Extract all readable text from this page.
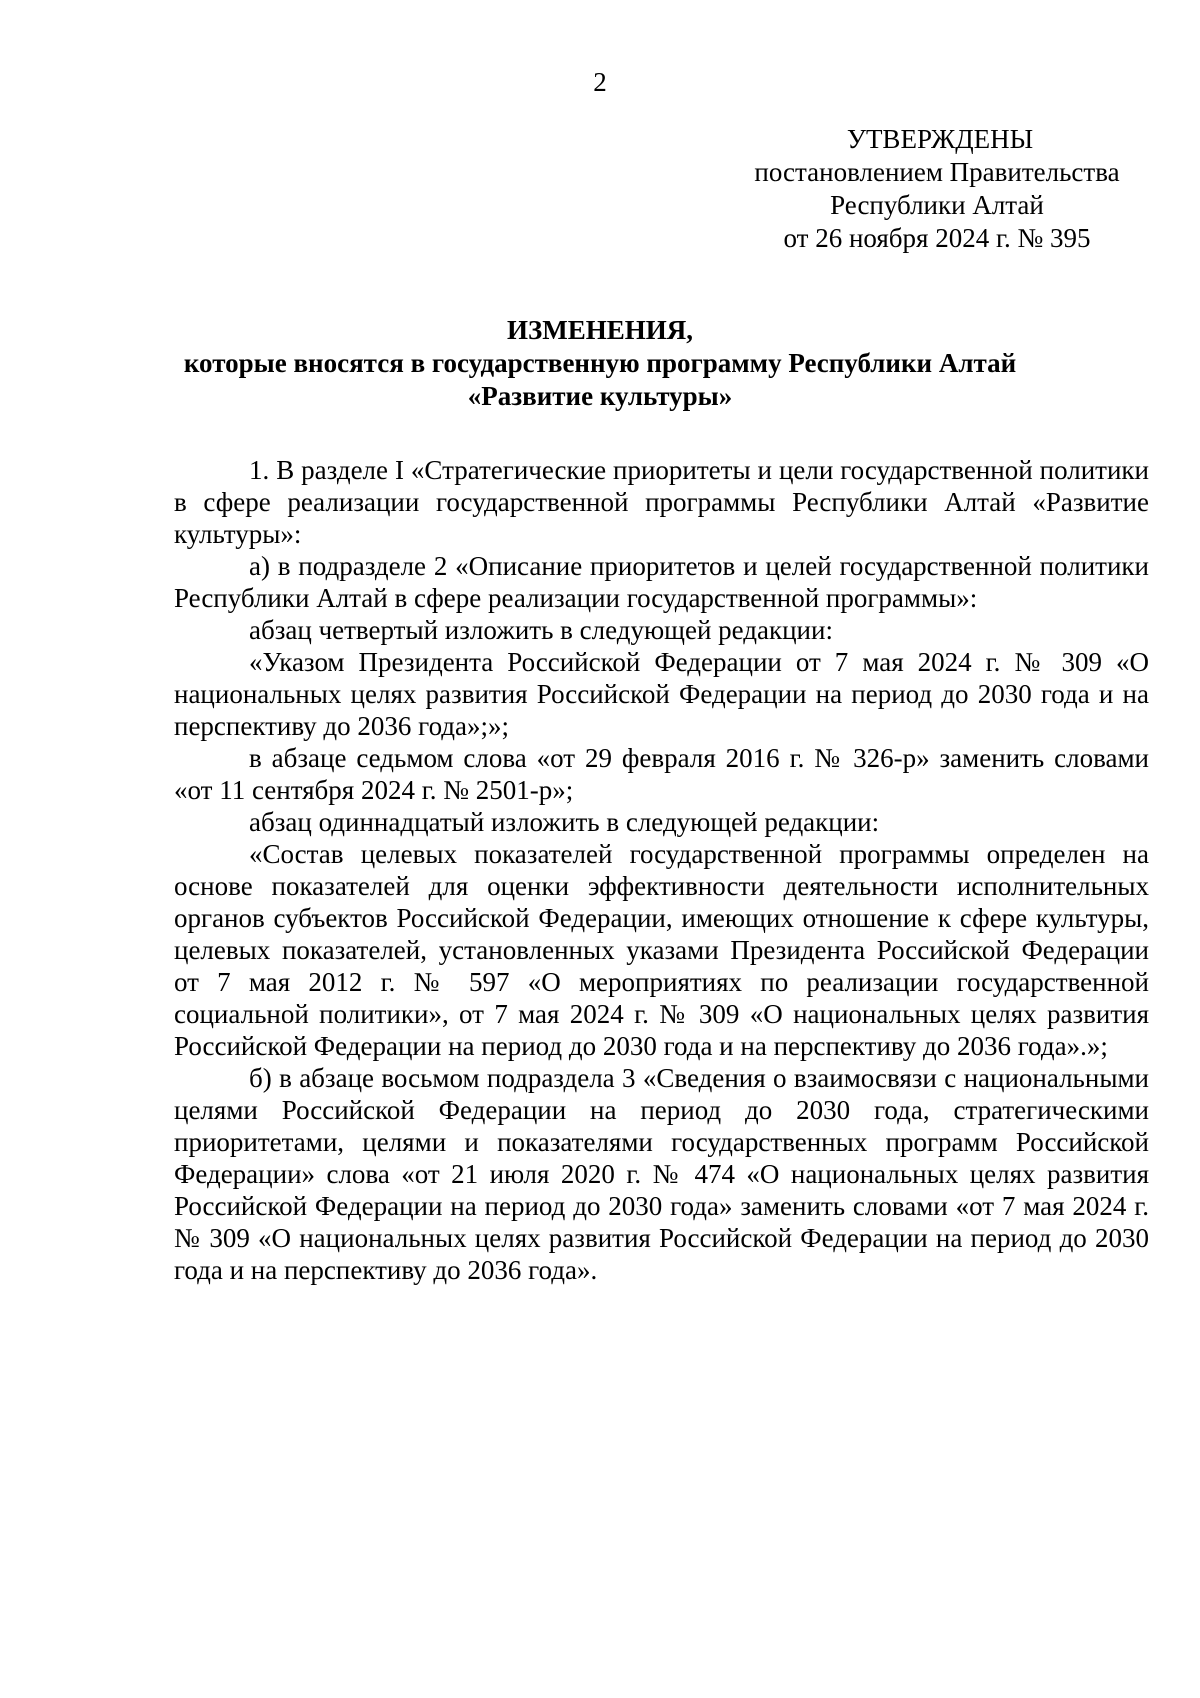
2
УТВЕРЖДЕНЫ
постановлением Правительства
Республики Алтай
от 26 ноября 2024 г. № 395
ИЗМЕНЕНИЯ,
которые вносятся в государственную программу Республики Алтай
«Развитие культуры»

1. В разделе I «Стратегические приоритеты и цели государственной политики в сфере реализации государственной программы Республики Алтай «Развитие культуры»:

а) в подразделе 2 «Описание приоритетов и целей государственной политики Республики Алтай в сфере реализации государственной программы»:

абзац четвертый изложить в следующей редакции:

«Указом Президента Российской Федерации от 7 мая 2024 г. № 309 «О национальных целях развития Российской Федерации на период до 2030 года и на перспективу до 2036 года»;»;

в абзаце седьмом слова «от 29 февраля 2016 г. № 326-р» заменить словами «от 11 сентября 2024 г. № 2501-р»;

абзац одиннадцатый изложить в следующей редакции:

«Состав целевых показателей государственной программы определен на основе показателей для оценки эффективности деятельности исполнительных органов субъектов Российской Федерации, имеющих отношение к сфере культуры, целевых показателей, установленных указами Президента Российской Федерации от 7 мая 2012 г. № 597 «О мероприятиях по реализации государственной социальной политики», от 7 мая 2024 г. № 309 «О национальных целях развития Российской Федерации на период до 2030 года и на перспективу до 2036 года».»;

б) в абзаце восьмом подраздела 3 «Сведения о взаимосвязи с национальными целями Российской Федерации на период до 2030 года, стратегическими приоритетами, целями и показателями государственных программ Российской Федерации» слова «от 21 июля 2020 г. № 474 «О национальных целях развития Российской Федерации на период до 2030 года» заменить словами «от 7 мая 2024 г. № 309 «О национальных целях развития Российской Федерации на период до 2030 года и на перспективу до 2036 года».
